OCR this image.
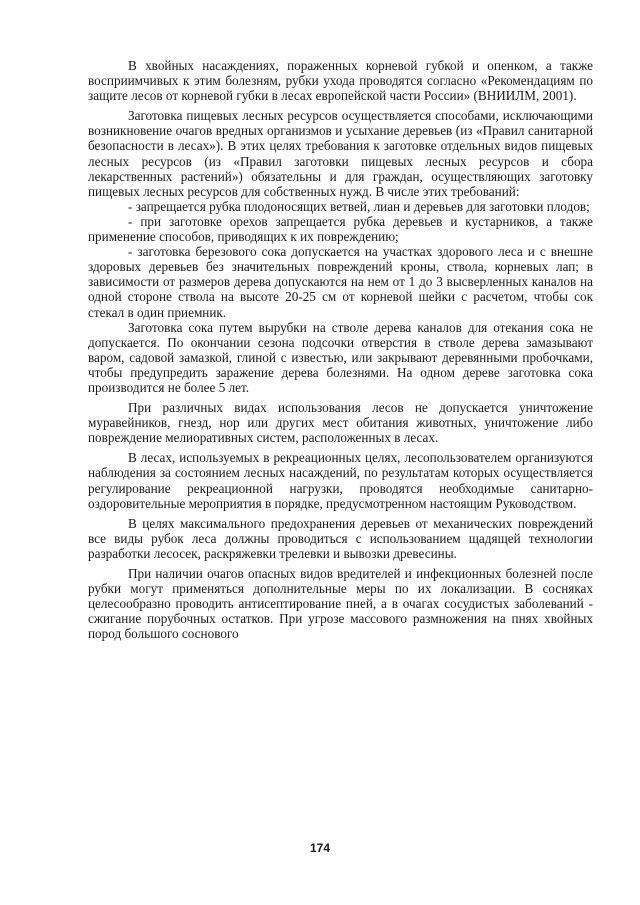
В хвойных насаждениях, пораженных корневой губкой и опенком, а также восприимчивых к этим болезням, рубки ухода проводятся согласно «Рекомендациям по защите лесов от корневой губки в лесах европейской части России» (ВНИИЛМ, 2001).

Заготовка пищевых лесных ресурсов осуществляется способами, исключающими возникновение очагов вредных организмов и усыхание деревьев (из «Правил санитарной безопасности в лесах»). В этих целях требования к заготовке отдельных видов пищевых лесных ресурсов (из «Правил заготовки пищевых лесных ресурсов и сбора лекарственных растений») обязательны и для граждан, осуществляющих заготовку пищевых лесных ресурсов для собственных нужд. В числе этих требований:

- запрещается рубка плодоносящих ветвей, лиан и деревьев для заготовки плодов;

- при заготовке орехов запрещается рубка деревьев и кустарников, а также применение способов, приводящих к их повреждению;

- заготовка березового сока допускается на участках здорового леса и с внешне здоровых деревьев без значительных повреждений кроны, ствола, корневых лап; в зависимости от размеров дерева допускаются на нем от 1 до 3 высверленных каналов на одной стороне ствола на высоте 20-25 см от корневой шейки с расчетом, чтобы сок стекал в один приемник.

Заготовка сока путем вырубки на стволе дерева каналов для отекания сока не допускается. По окончании сезона подсочки отверстия в стволе дерева замазывают варом, садовой замазкой, глиной с известью, или закрывают деревянными пробочками, чтобы предупредить заражение дерева болезнями. На одном дереве заготовка сока производится не более 5 лет.

При различных видах использования лесов не допускается уничтожение муравейников, гнезд, нор или других мест обитания животных, уничтожение либо повреждение мелиоративных систем, расположенных в лесах.

В лесах, используемых в рекреационных целях, лесопользователем организуются наблюдения за состоянием лесных насаждений, по результатам которых осуществляется регулирование рекреационной нагрузки, проводятся необходимые санитарно-оздоровительные мероприятия в порядке, предусмотренном настоящим Руководством.

В целях максимального предохранения деревьев от механических повреждений все виды рубок леса должны проводиться с использованием щадящей технологии разработки лесосек, раскряжевки трелевки и вывозки древесины.

При наличии очагов опасных видов вредителей и инфекционных болезней после рубки могут применяться дополнительные меры по их локализации. В сосняках целесообразно проводить антисептирование пней, а в очагах сосудистых заболеваний - сжигание порубочных остатков. При угрозе массового размножения на пнях хвойных пород большого соснового

174
